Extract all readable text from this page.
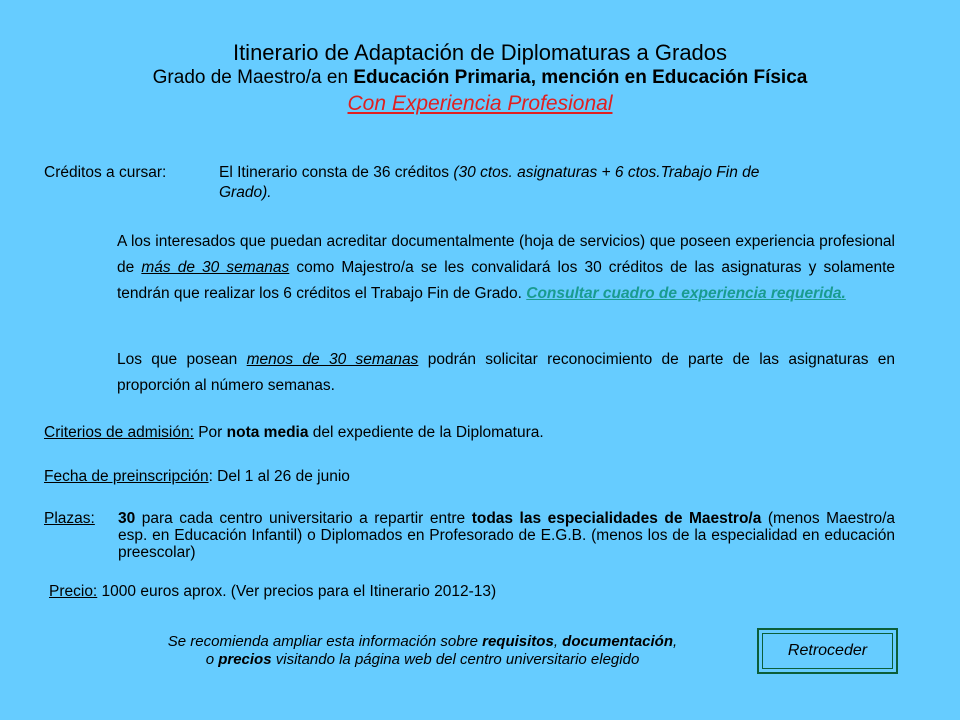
Itinerario de Adaptación de Diplomaturas a Grados
Grado de Maestro/a en Educación Primaria, mención en Educación Física
Con Experiencia Profesional
Créditos a cursar:	El Itinerario consta de 36 créditos (30 ctos. asignaturas + 6 ctos.Trabajo Fin de
Grado).
A los interesados que puedan acreditar documentalmente (hoja de servicios) que poseen experiencia profesional de más de 30 semanas como Majestro/a se les convalidará los 30 créditos de las asignaturas y solamente tendrán que realizar los 6 créditos el Trabajo Fin de Grado. Consultar cuadro de experiencia requerida.
Los que posean menos de 30 semanas podrán solicitar reconocimiento de parte de las asignaturas en proporción al número semanas.
Criterios de admisión: Por nota media del expediente de la Diplomatura.
Fecha de preinscripción: Del 1 al 26 de junio
Plazas: 30 para cada centro universitario a repartir entre todas las especialidades de Maestro/a (menos Maestro/a esp. en Educación Infantil) o Diplomados en Profesorado de E.G.B. (menos los de la especialidad en educación preescolar)
Precio: 1000 euros aprox. (Ver precios para el Itinerario 2012-13)
Se recomienda ampliar esta información sobre requisitos, documentación,
o precios visitando la página web del centro universitario elegido
Retroceder
